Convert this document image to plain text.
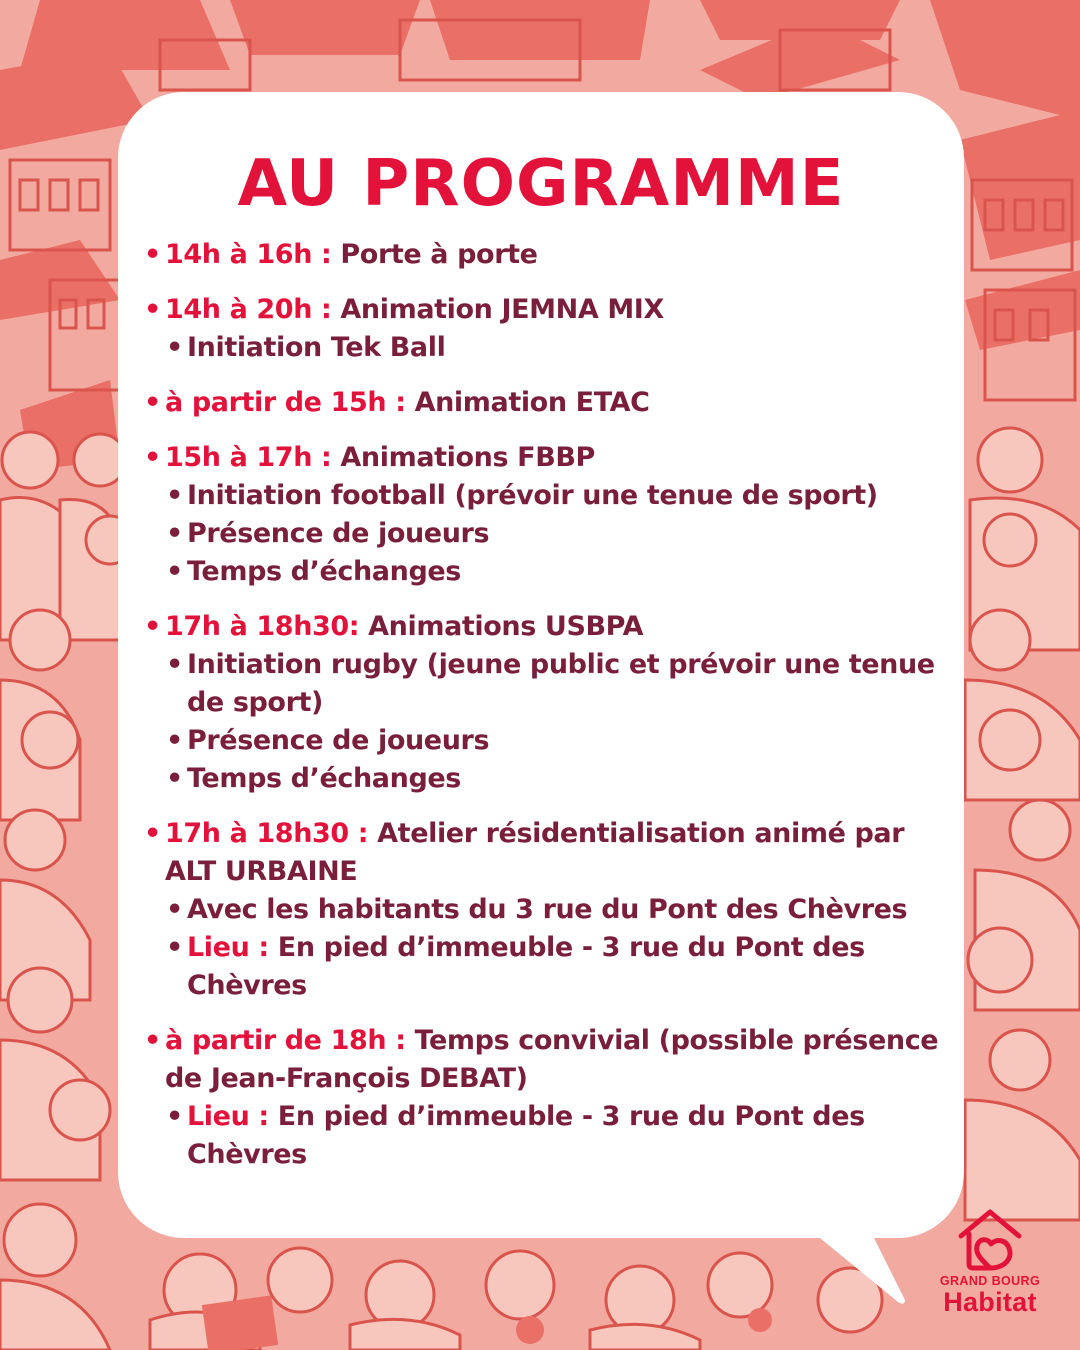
AU PROGRAMME
• 14h à 16h : Porte à porte
• 14h à 20h : Animation JEMNA MIX
• Initiation Tek Ball
• à partir de 15h : Animation ETAC
• 15h à 17h : Animations FBBP
• Initiation football (prévoir une tenue de sport)
• Présence de joueurs
• Temps d’échanges
• 17h à 18h30: Animations USBPA
• Initiation rugby (jeune public et prévoir une tenue de sport)
• Présence de joueurs
• Temps d’échanges
• 17h à 18h30 : Atelier résidentialisation animé par ALT URBAINE
• Avec les habitants du 3 rue du Pont des Chèvres
• Lieu : En pied d’immeuble - 3 rue du Pont des Chèvres
• à partir de 18h : Temps convivial (possible présence de Jean-François DEBAT)
• Lieu : En pied d’immeuble - 3 rue du Pont des Chèvres
GRAND BOURG
Habitat
